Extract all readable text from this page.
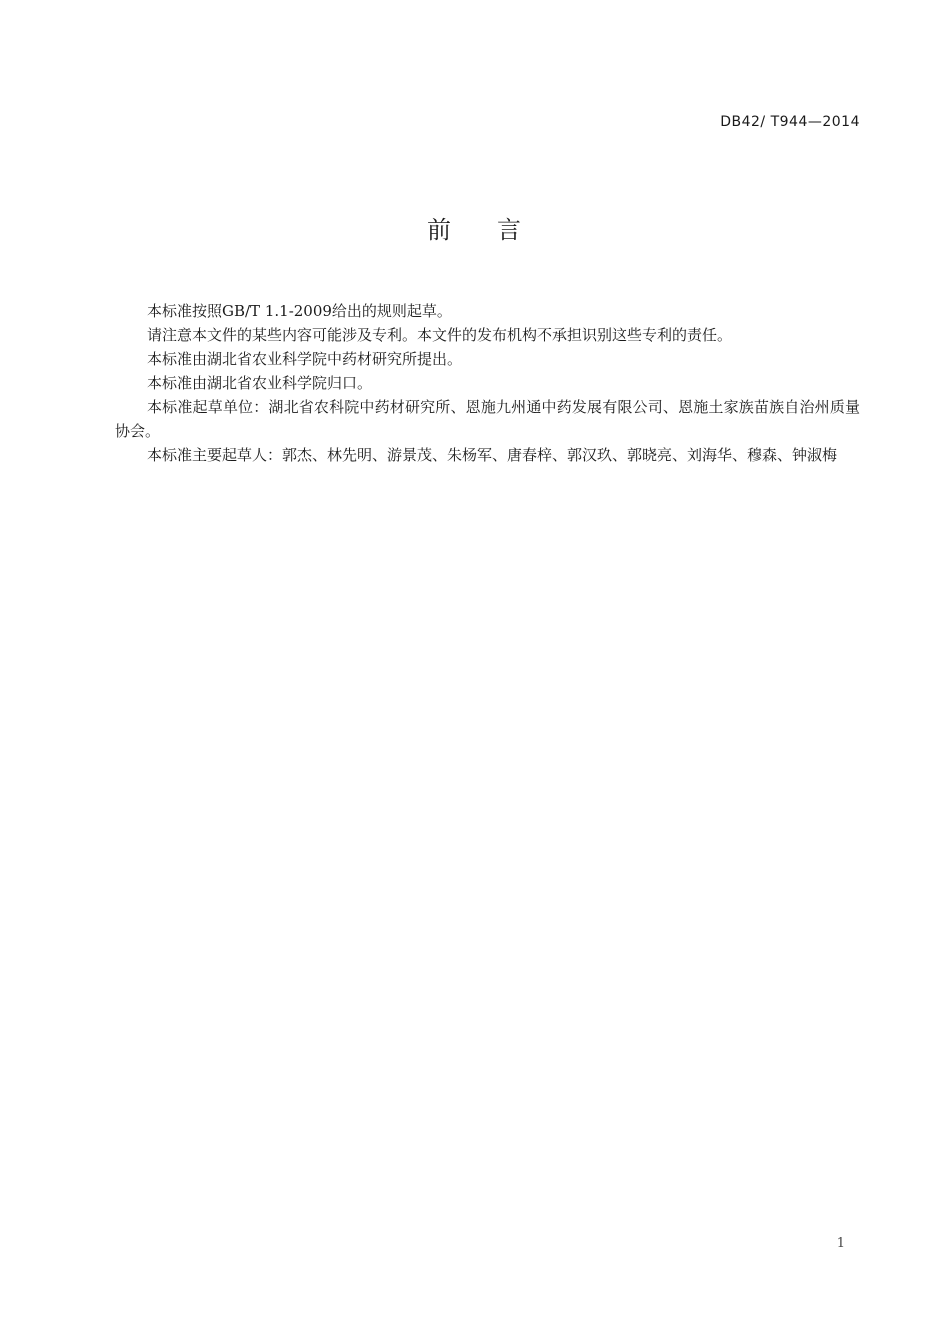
DB42/ T944—2014
前 言

本标准按照GB/T 1.1-2009给出的规则起草。

请注意本文件的某些内容可能涉及专利。本文件的发布机构不承担识别这些专利的责任。

本标准由湖北省农业科学院中药材研究所提出。

本标准由湖北省农业科学院归口。

本标准起草单位：湖北省农科院中药材研究所、恩施九州通中药发展有限公司、恩施土家族苗族自治州质量协会。

本标准主要起草人：郭杰、林先明、游景茂、朱杨军、唐春梓、郭汉玖、郭晓亮、刘海华、穆森、钟淑梅

1
